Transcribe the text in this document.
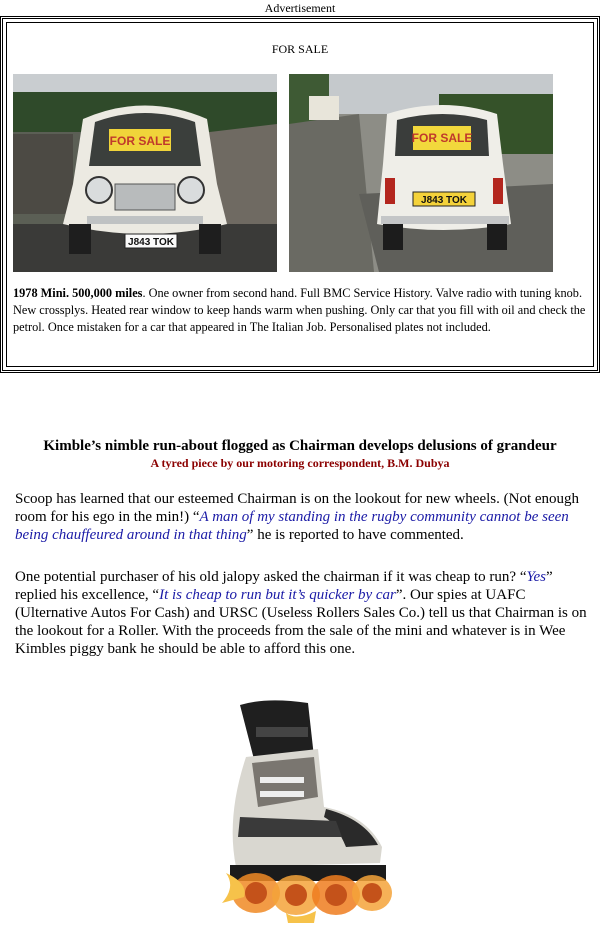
Advertisement
FOR SALE
FOR SALE
J843 TOK
FOR SALE
J843 TOK
1978 Mini. 500,000 miles. One owner from second hand. Full BMC Service History. Valve radio with tuning knob. New crossplys. Heated rear window to keep hands warm when pushing. Only car that you fill with oil and check the petrol. Once mistaken for a car that appeared in The Italian Job. Personalised plates not included.
Kimble’s nimble run-about flogged as Chairman develops delusions of grandeur
A tyred piece by our motoring correspondent, B.M. Dubya
Scoop has learned that our esteemed Chairman is on the lookout for new wheels. (Not enough room for his ego in the min!) “A man of my standing in the rugby community cannot be seen being chauffeured around in that thing” he is reported to have commented.
One potential purchaser of his old jalopy asked the chairman if it was cheap to run? “Yes” replied his excellence, “It is cheap to run but it’s quicker by car”. Our spies at UAFC (Ulternative Autos For Cash) and URSC (Useless Rollers Sales Co.) tell us that Chairman is on the lookout for a Roller. With the proceeds from the sale of the mini and whatever is in Wee Kimbles piggy bank he should be able to afford this one.
